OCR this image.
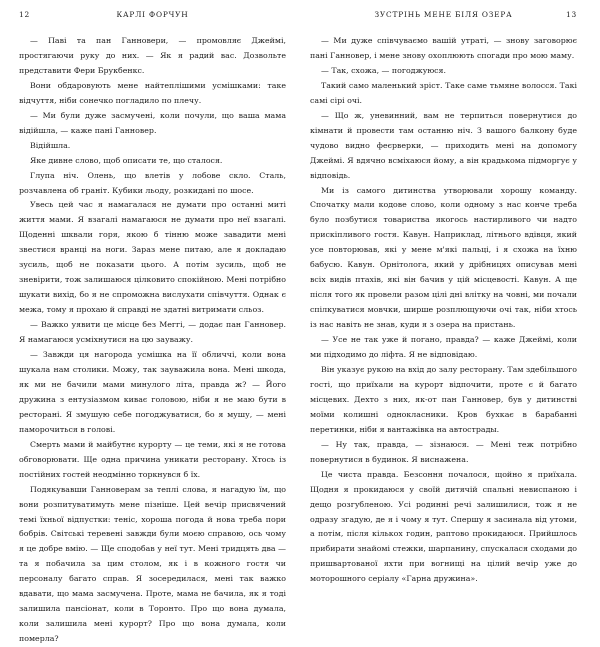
12	КАРЛІ ФОРЧУН

— Паві та пан Ганновери, — промовляє Джеймі, простягаючи руку до них. — Як я радий вас. Дозвольте представити Фери Брукбенкс.

Вони обдаровують мене найтеплішими усмішками: таке відчуття, ніби сонечко погладило по плечу.

— Ми були дуже засмучені, коли почули, що ваша мама відійшла, — каже пані Ганновер.

Відійшла.

Яке дивне слово, щоб описати те, що сталося.

Глупа ніч. Олень, що влетів у лобове скло. Сталь, розчавлена об граніт. Кубики льоду, розкидані по шосе.

Увесь цей час я намагалася не думати про останні миті життя мами. Я взагалі намагаюся не думати про неї взагалі. Щоденні шквали горя, якою б тінню може завадити мені звестися вранці на ноги. Зараз мене питаю, але я докладаю зусиль, щоб не показати цього. А потім зусиль, щоб не зневірити, тож залишаюся цілковито спокійною. Мені потрібно шукати вихід, бо я не спроможна вислухати співчуття. Однак є межа, тому я прохаю й справді не здатні витримати сльоз.

— Важко уявити це місце без Меггі, — додає пан Ганновер. Я намагаюся усміхнутися на цю зауважу.

— Завжди ця нагорода усмішка на її обличчі, коли вона шукала нам столики. Можу, так зауважила вона. Мені шкода, як ми не бачили мами минулого літа, правда ж? — Його дружина з ентузіазмом киває головою, ніби я не маю бути в ресторані. Я змушую себе погоджуватися, бо я мушу, — мені паморочиться в голові.

Смерть мами й майбутнє курорту — це теми, які я не готова обговорювати. Ще одна причина уникати ресторану. Хтось із постійних гостей неодмінно торкнувся б їх.

Подякувавши Ганноверам за теплі слова, я нагадую їм, що вони розпитуватимуть мене пізніше. Цей вечір присвячений темі їхньої відпустки: теніс, хороша погода й нова треба пори бобрів. Світські теревені завжди були моєю справою, ось чому я це добре вмію. — Ще сподобав у неї тут. Мені тридцять два — та я побачила за цим столом, як і в кожного гостя чи персоналу багато справ. Я зосередилася, мені так важко вдавати, що мама засмучена. Проте, мама не бачила, як я тоді залишила пансіонат, коли в Торонто. Про що вона думала, коли залишила мені курорт? Про що вона думала, коли померла?

ЗУСТРІНЬ МЕНЕ БІЛЯ ОЗЕРА	13

— Ми дуже співчуваємо вашій утраті, — знову заговорює пані Ганновер, і мене знову охоплюють спогади про мою маму.

— Так, схожа, — погоджуюся.

Такий само маленький зріст. Таке саме тьмяне волосся. Такі самі сірі очі.

— Що ж, уневинний, вам не терпиться повернутися до кімнати й провести там останню ніч. З вашого балкону буде чудово видно феєрверки, — приходить мені на допомогу Джеймі. Я вдячно всміхаюся йому, а він крадькома підморгує у відповідь.

Ми із самого дитинства утворювали хорошу команду. Спочатку мали кодове слово, коли одному з нас конче треба було позбутися товариства якогось настирливого чи надто прискіпливого гостя. Кавун. Наприклад, літнього вдівця, який усе повторював, які у мене м'які пальці, і я схожа на їхню бабусю. Кавун. Орнітолога, який у дрібницях описував мені всіх видів птахів, які він бачив у цій місцевості. Кавун. А ще після того як провели разом цілі дні влітку на човні, ми почали спілкуватися мовчки, ширше розплющуючи очі так, ніби хтось із нас навіть не знав, куди я з озера на пристань.

— Усе не так уже й погано, правда? — каже Джеймі, коли ми підходимо до ліфта. Я не відповідаю.

Він указує рукою на вхід до залу ресторану. Там здебільшого гості, що приїхали на курорт відпочити, проте є й багато місцевих. Дехто з них, як-от пан Ганновер, був у дитинстві моїми колишні однокласники. Кров бухкає в барабанні перетинки, ніби я вантажівка на автострады.

— Ну так, правда, — зізнаюся. — Мені теж потрібно повернутися в будинок. Я виснажена.

Це чиста правда. Безсоння почалося, щойно я приїхала. Щодня я прокидаюся у своїй дитячій спальні невиспаною і дещо розгубленою. Усі родинні речі залишилися, тож я не одразу згадую, де я і чому я тут. Спершу я засинала від утоми, а потім, після кількох годин, раптово прокидаюся. Прийшлось прибирати знайомі стежки, шарпанину, спускалася сходами до пришвартованої яхти при вогнищі на цілий вечір уже до моторошного серіалу «Гарна дружина».
